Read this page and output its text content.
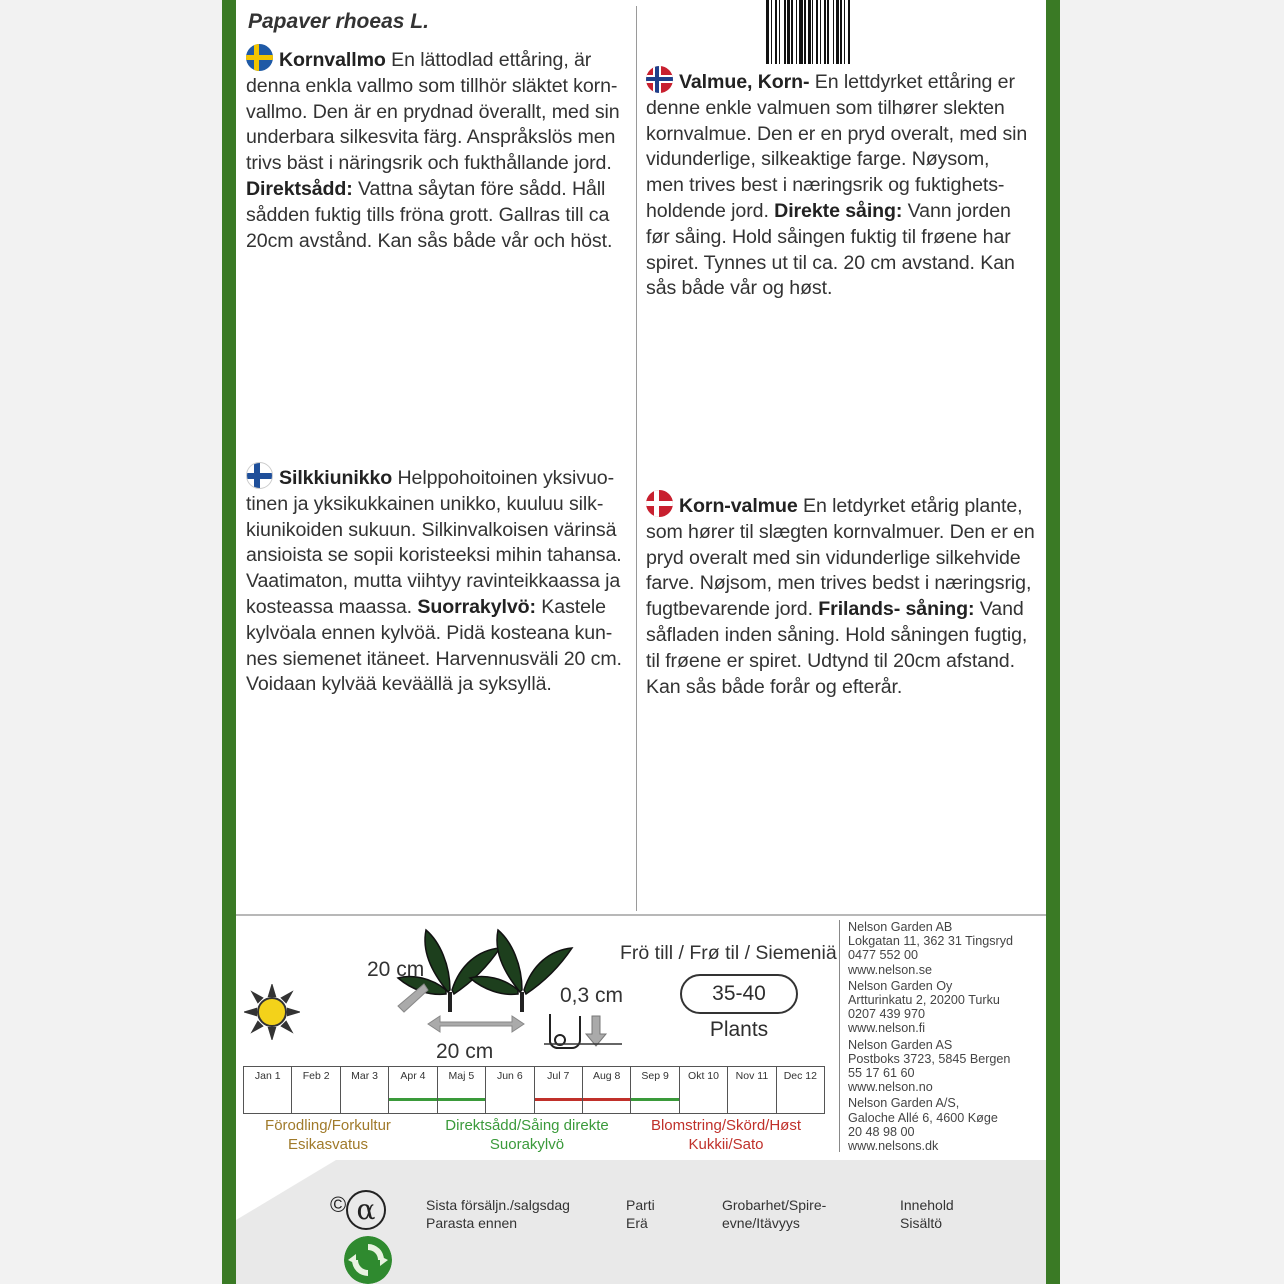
Papaver rhoeas L.
Kornvallmo En lättodlad ettåring, är denna enkla vallmo som tillhör släktet korn- vallmo. Den är en prydnad överallt, med sin underbara silkesvita färg. Anspråkslös men trivs bäst i näringsrik och fukthållande jord. Direktsådd: Vattna såytan före sådd. Håll sådden fuktig tills fröna grott. Gallras till ca 20cm avstånd. Kan sås både vår och höst.
Valmue, Korn- En lettdyrket ettåring er denne enkle valmuen som tilhører slekten kornvalmue. Den er en pryd overalt, med sin vidunderlige, silkeaktige farge. Nøysom, men trives best i næringsrik og fuktighets- holdende jord. Direkte såing: Vann jorden før såing. Hold såingen fuktig til frøene har spiret. Tynnes ut til ca. 20 cm avstand. Kan sås både vår og høst.
Silkkiunikko Helppohoitoinen yksivuo- tinen ja yksikukkainen unikko, kuuluu silk- kiunikoiden sukuun. Silkinvalkoisen värinsä ansioista se sopii koristeeksi mihin tahansa. Vaatimaton, mutta viihtyy ravinteikkaassa ja kosteassa maassa. Suorrakylvö: Kastele kylvöala ennen kylvöä. Pidä kosteana kun- nes siemenet itäneet. Harvennusväli 20 cm. Voidaan kylvää keväällä ja syksyllä.
Korn-valmue En letdyrket etårig plante, som hører til slægten kornvalmuer. Den er en pryd overalt med sin vidunderlige silkehvide farve. Nøjsom, men trives bedst i næringsrig, fugtbevarende jord. Frilands- såning: Vand såfladen inden såning. Hold såningen fugtig, til frøene er spiret. Udtynd til 20cm afstand. Kan sås både forår og efterår.
20 cm
20 cm
0,3 cm
Frö till / Frø til / Siemeniä
35-40
Plants
Jan 1	Feb 2	Mar 3	Apr 4	Maj 5	Jun 6	Jul 7	Aug 8	Sep 9	Okt 10	Nov 11	Dec 12
Förodling/Forkultur
Esikasvatus
Direktsådd/Såing direkte
Suorakylvö
Blomstring/Skörd/Høst
Kukkii/Sato
Nelson Garden AB
Lokgatan 11, 362 31 Tingsryd
0477 552 00
www.nelson.se
Nelson Garden Oy
Artturinkatu 2, 20200 Turku
0207 439 970
www.nelson.fi
Nelson Garden AS
Postboks 3723, 5845 Bergen
55 17 61 60
www.nelson.no
Nelson Garden A/S,
Galoche Allé 6, 4600 Køge
20 48 98 00
www.nelsons.dk
© α	Sista försäljn./salgsdag
Parasta ennen
Parti
Erä
Grobarhet/Spire-
evne/Itävyys
Innehold
Sisältö
